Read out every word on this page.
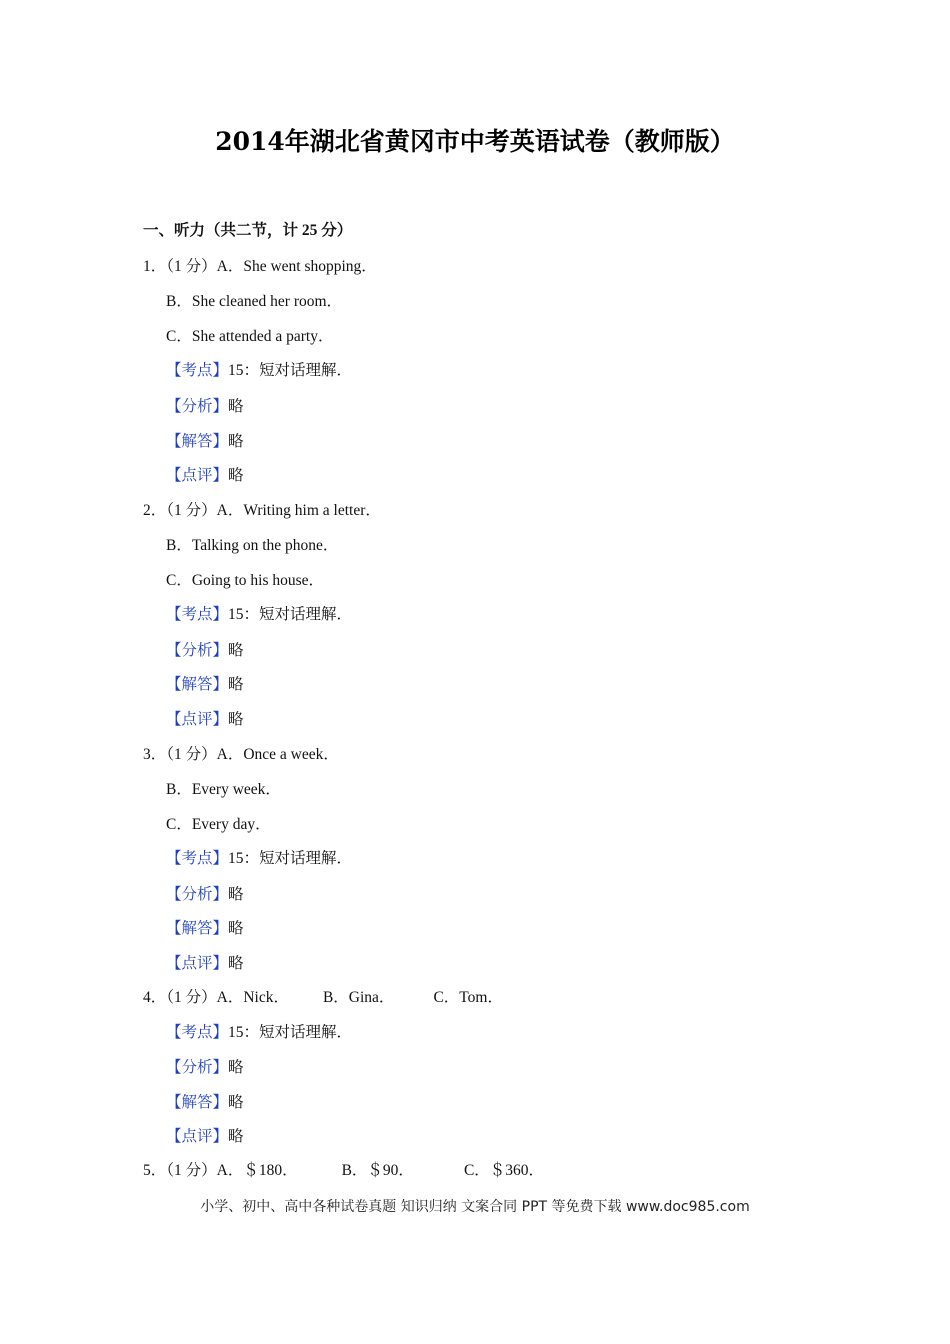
2014年湖北省黄冈市中考英语试卷（教师版）
一、听力（共二节，计 25 分）
1．（1 分）A．She went shopping．
B．She cleaned her room．
C．She attended a party．
【考点】15：短对话理解．
【分析】略
【解答】略
【点评】略
2．（1 分）A．Writing him a letter．
B．Talking on the phone．
C．Going to his house．
【考点】15：短对话理解．
【分析】略
【解答】略
【点评】略
3．（1 分）A．Once a week．
B．Every week．
C．Every day．
【考点】15：短对话理解．
【分析】略
【解答】略
【点评】略
4．（1 分）A．Nick． B．Gina．	C．Tom．
【考点】15：短对话理解．
【分析】略
【解答】略
【点评】略
5．（1 分）A．＄180．	B．＄90．	C．＄360．
小学、初中、高中各种试卷真题 知识归纳 文案合同 PPT 等免费下载 www.doc985.com
